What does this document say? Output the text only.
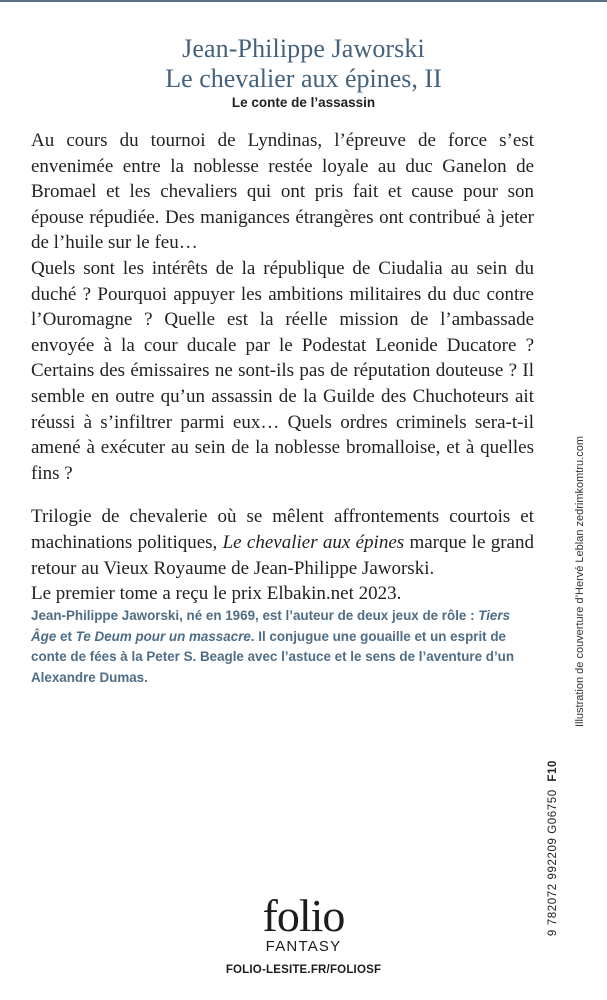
Jean-Philippe Jaworski
Le chevalier aux épines, II
Le conte de l’assassin

Au cours du tournoi de Lyndinas, l’épreuve de force s’est envenimée entre la noblesse restée loyale au duc Ganelon de Bromael et les chevaliers qui ont pris fait et cause pour son épouse répudiée. Des manigances étrangères ont contribué à jeter de l’huile sur le feu…

Quels sont les intérêts de la république de Ciudalia au sein du duché ? Pourquoi appuyer les ambitions militaires du duc contre l’Ouromagne ? Quelle est la réelle mission de l’ambassade envoyée à la cour ducale par le Podestat Leonide Ducatore ? Certains des émissaires ne sont-ils pas de réputation douteuse ? Il semble en outre qu’un assassin de la Guilde des Chuchoteurs ait réussi à s’infiltrer parmi eux… Quels ordres criminels sera-t-il amené à exécuter au sein de la noblesse bromalloise, et à quelles fins ?

Trilogie de chevalerie où se mêlent affrontements courtois et machinations politiques, Le chevalier aux épines marque le grand retour au Vieux Royaume de Jean-Philippe Jaworski.

Le premier tome a reçu le prix Elbakin.net 2023.

Jean-Philippe Jaworski, né en 1969, est l’auteur de deux jeux de rôle : Tiers Âge et Te Deum pour un massacre. Il conjugue une gouaille et un esprit de conte de fées à la Peter S. Beagle avec l’astuce et le sens de l’aventure d’un Alexandre Dumas.	Illustration de couverture d’Hervé Leblan zedrimkomtru.com
9 782072 992209 G06750  F10
folio
FANTASY
FOLIO-LESITE.FR/FOLIOSF
